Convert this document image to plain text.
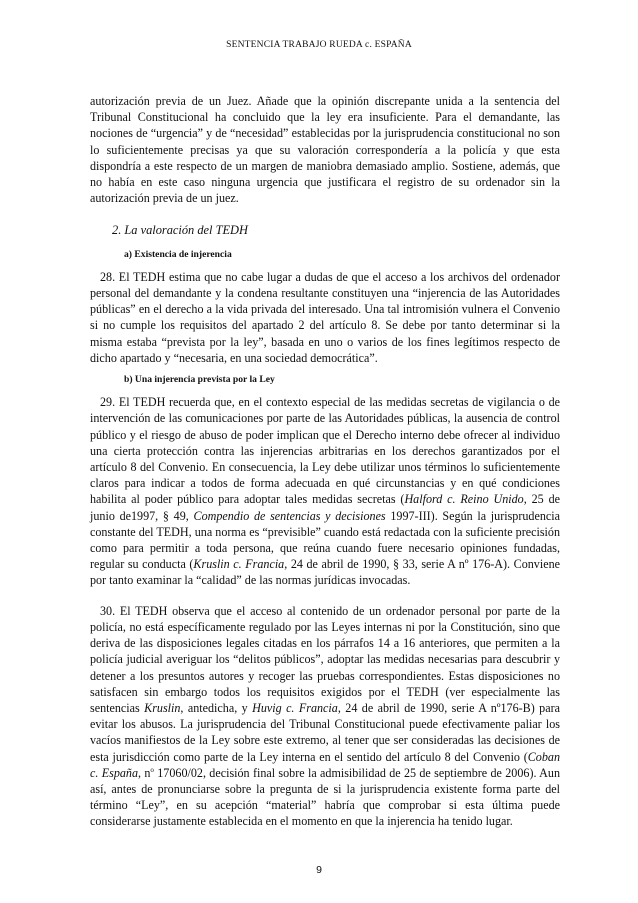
SENTENCIA TRABAJO RUEDA c. ESPAÑA

autorización previa de un Juez. Añade que la opinión discrepante unida a la sentencia del Tribunal Constitucional ha concluido que la ley era insuficiente. Para el demandante, las nociones de “urgencia” y de “necesidad” establecidas por la jurisprudencia constitucional no son lo suficientemente precisas ya que su valoración correspondería a la policía y que esta dispondría a este respecto de un margen de maniobra demasiado amplio. Sostiene, además, que no había en este caso ninguna urgencia que justificara el registro de su ordenador sin la autorización previa de un juez.

2. La valoración del TEDH

a) Existencia de injerencia

28. El TEDH estima que no cabe lugar a dudas de que el acceso a los archivos del ordenador personal del demandante y la condena resultante constituyen una “injerencia de las Autoridades públicas” en el derecho a la vida privada del interesado. Una tal intromisión vulnera el Convenio si no cumple los requisitos del apartado 2 del artículo 8. Se debe por tanto determinar si la misma estaba “prevista por la ley”, basada en uno o varios de los fines legítimos respecto de dicho apartado y “necesaria, en una sociedad democrática”.

b) Una injerencia prevista por la Ley

29. El TEDH recuerda que, en el contexto especial de las medidas secretas de vigilancia o de intervención de las comunicaciones por parte de las Autoridades públicas, la ausencia de control público y el riesgo de abuso de poder implican que el Derecho interno debe ofrecer al individuo una cierta protección contra las injerencias arbitrarias en los derechos garantizados por el artículo 8 del Convenio. En consecuencia, la Ley debe utilizar unos términos lo suficientemente claros para indicar a todos de forma adecuada en qué circunstancias y en qué condiciones habilita al poder público para adoptar tales medidas secretas (Halford c. Reino Unido, 25 de junio de1997, § 49, Compendio de sentencias y decisiones 1997-III). Según la jurisprudencia constante del TEDH, una norma es “previsible” cuando está redactada con la suficiente precisión como para permitir a toda persona, que reúna cuando fuere necesario opiniones fundadas, regular su conducta (Kruslin c. Francia, 24 de abril de 1990, § 33, serie A nº 176-A). Conviene por tanto examinar la “calidad” de las normas jurídicas invocadas.

30. El TEDH observa que el acceso al contenido de un ordenador personal por parte de la policía, no está específicamente regulado por las Leyes internas ni por la Constitución, sino que deriva de las disposiciones legales citadas en los párrafos 14 a 16 anteriores, que permiten a la policía judicial averiguar los “delitos públicos”, adoptar las medidas necesarias para descubrir y detener a los presuntos autores y recoger las pruebas correspondientes. Estas disposiciones no satisfacen sin embargo todos los requisitos exigidos por el TEDH (ver especialmente las sentencias Kruslin, antedicha, y Huvig c. Francia, 24 de abril de 1990, serie A nº176-B) para evitar los abusos. La jurisprudencia del Tribunal Constitucional puede efectivamente paliar los vacíos manifiestos de la Ley sobre este extremo, al tener que ser consideradas las decisiones de esta jurisdicción como parte de la Ley interna en el sentido del artículo 8 del Convenio (Coban c. España, $n^o$ 17060/02, decisión final sobre la admisibilidad de 25 de septiembre de 2006). Aun así, antes de pronunciarse sobre la pregunta de si la jurisprudencia existente forma parte del término “Ley”, en su acepción “material” habría que comprobar si esta última puede considerarse justamente establecida en el momento en que la injerencia ha tenido lugar.

9
